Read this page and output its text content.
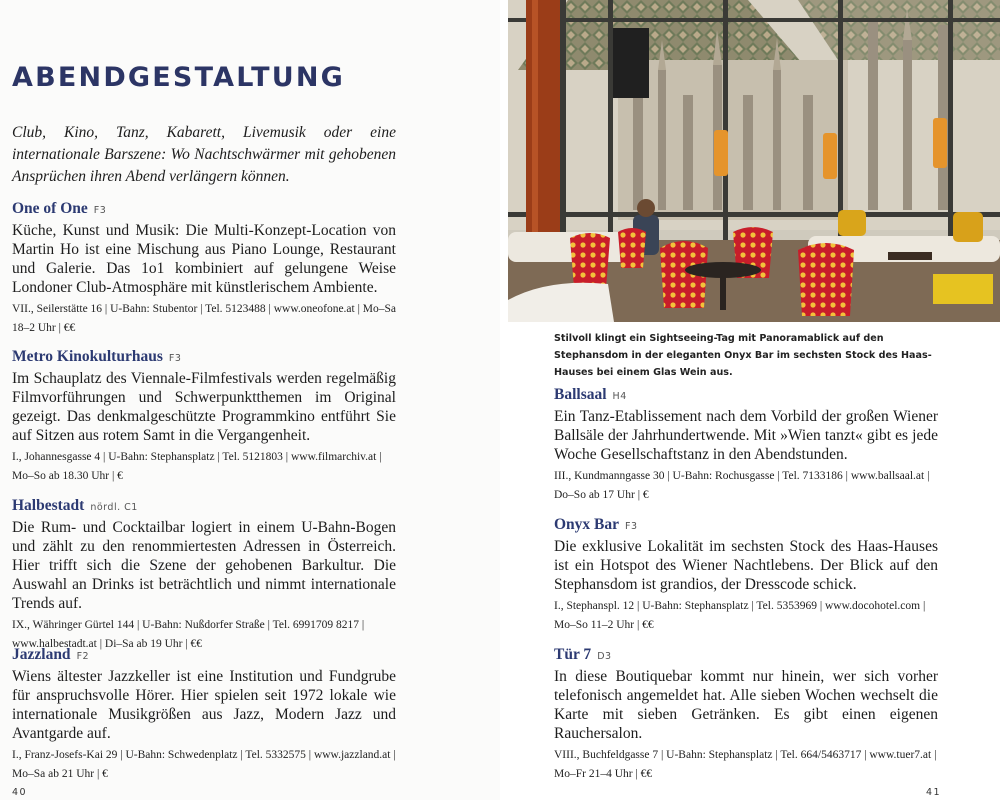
ABENDGESTALTUNG

Club, Kino, Tanz, Kabarett, Livemusik oder eine internationale Barszene: Wo Nachtschwärmer mit gehobenen Ansprüchen ihren Abend verlängern können.

One of One F3

Küche, Kunst und Musik: Die Multi-Konzept-Location von Martin Ho ist eine Mischung aus Piano Lounge, Restaurant und Galerie. Das 1o1 kombiniert auf gelungene Weise Londoner Club-Atmosphäre mit künstlerischem Ambiente.

VII., Seilerstätte 16 | U-Bahn: Stubentor | Tel. 5123488 | www.oneofone.at | Mo–Sa 18–2 Uhr | €€

Metro Kinokulturhaus F3

Im Schauplatz des Viennale-Filmfestivals werden regelmäßig Filmvorführungen und Schwerpunktthemen im Original gezeigt. Das denkmalgeschützte Programmkino entführt Sie auf Sitzen aus rotem Samt in die Vergangenheit.

I., Johannesgasse 4 | U-Bahn: Stephansplatz | Tel. 5121803 | www.filmarchiv.at | Mo–So ab 18.30 Uhr | €

Halbestadt nördl. C1

Die Rum- und Cocktailbar logiert in einem U-Bahn-Bogen und zählt zu den renommiertesten Adressen in Österreich. Hier trifft sich die Szene der gehobenen Barkultur. Die Auswahl an Drinks ist beträchtlich und nimmt internationale Trends auf.

IX., Währinger Gürtel 144 | U-Bahn: Nußdorfer Straße | Tel. 6991709 8217 | www.halbestadt.at | Di–Sa ab 19 Uhr | €€

Jazzland F2

Wiens ältester Jazzkeller ist eine Institution und Fundgrube für anspruchsvolle Hörer. Hier spielen seit 1972 lokale wie internationale Musikgrößen aus Jazz, Modern Jazz und Avantgarde auf.

I., Franz-Josefs-Kai 29 | U-Bahn: Schwedenplatz | Tel. 5332575 | www.jazzland.at | Mo–Sa ab 21 Uhr | €

40

Stilvoll klingt ein Sightseeing-Tag mit Panoramablick auf den Stephansdom in der eleganten Onyx Bar im sechsten Stock des Haas-Hauses bei einem Glas Wein aus.

Ballsaal H4

Ein Tanz-Etablissement nach dem Vorbild der großen Wiener Ballsäle der Jahrhundertwende. Mit »Wien tanzt« gibt es jede Woche Gesellschaftstanz in den Abendstunden.

III., Kundmanngasse 30 | U-Bahn: Rochusgasse | Tel. 7133186 | www.ballsaal.at | Do–So ab 17 Uhr | €

Onyx Bar F3

Die exklusive Lokalität im sechsten Stock des Haas-Hauses ist ein Hotspot des Wiener Nachtlebens. Der Blick auf den Stephansdom ist grandios, der Dresscode schick.

I., Stephanspl. 12 | U-Bahn: Stephansplatz | Tel. 5353969 | www.docohotel.com | Mo–So 11–2 Uhr | €€

Tür 7 D3

In diese Boutiquebar kommt nur hinein, wer sich vorher telefonisch angemeldet hat. Alle sieben Wochen wechselt die Karte mit sieben Getränken. Es gibt einen eigenen Rauchersalon.

VIII., Buchfeldgasse 7 | U-Bahn: Stephansplatz | Tel. 664/5463717 | www.tuer7.at | Mo–Fr 21–4 Uhr | €€

41
